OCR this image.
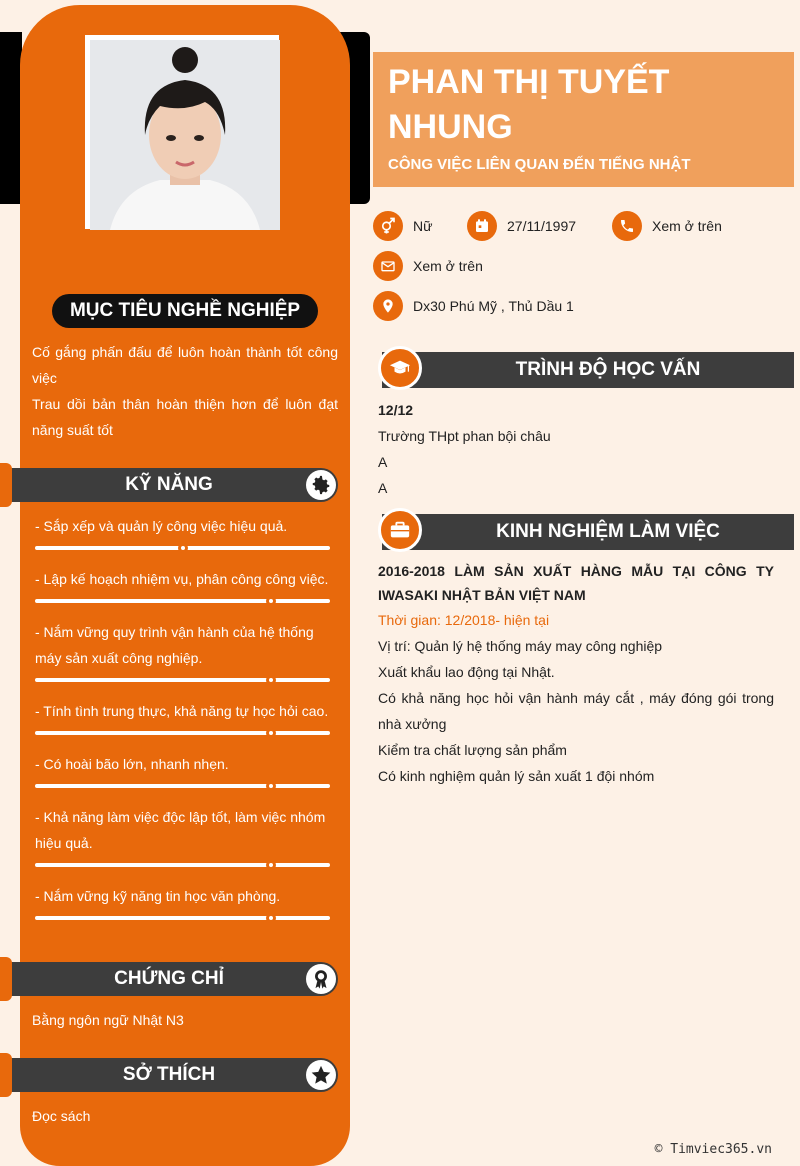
MỤC TIÊU NGHỀ NGHIỆP

Cố gắng phấn đấu để luôn hoàn thành tốt công việc

Trau dồi bản thân hoàn thiện hơn để luôn đạt năng suất tốt

KỸ NĂNG
- Sắp xếp và quản lý công việc hiệu quả.
- Lập kế hoạch nhiệm vụ, phân công công việc.
- Nắm vững quy trình vận hành của hệ thống máy sản xuất công nghiệp.
- Tính tình trung thực, khả năng tự học hỏi cao.
- Có hoài bão lớn, nhanh nhẹn.
- Khả năng làm việc độc lập tốt, làm việc nhóm hiệu quả.
- Nắm vững kỹ năng tin học văn phòng.
CHỨNG CHỈ
Bằng ngôn ngữ Nhật N3
SỞ THÍCH
Đọc sách
PHAN THỊ TUYẾT NHUNG
CÔNG VIỆC LIÊN QUAN ĐẾN TIẾNG NHẬT
Nữ	27/11/1997	Xem ở trên
Xem ở trên
Dx30 Phú Mỹ , Thủ Dầu 1
TRÌNH ĐỘ HỌC VẤN

12/12

Trường THpt phan bội châu

A

A

KINH NGHIỆM LÀM VIỆC

2016-2018 LÀM SẢN XUẤT HÀNG MẪU TẠI CÔNG TY IWASAKI NHẬT BẢN VIỆT NAM

Thời gian: 12/2018- hiện tại

Vị trí: Quản lý hệ thống máy may công nghiệp

Xuất khẩu lao động tại Nhật.

Có khả năng học hỏi vận hành máy cắt , máy đóng gói trong nhà xưởng

Kiểm tra chất lượng sản phẩm

Có kinh nghiệm quản lý sản xuất 1 đội nhóm

© Timviec365.vn
